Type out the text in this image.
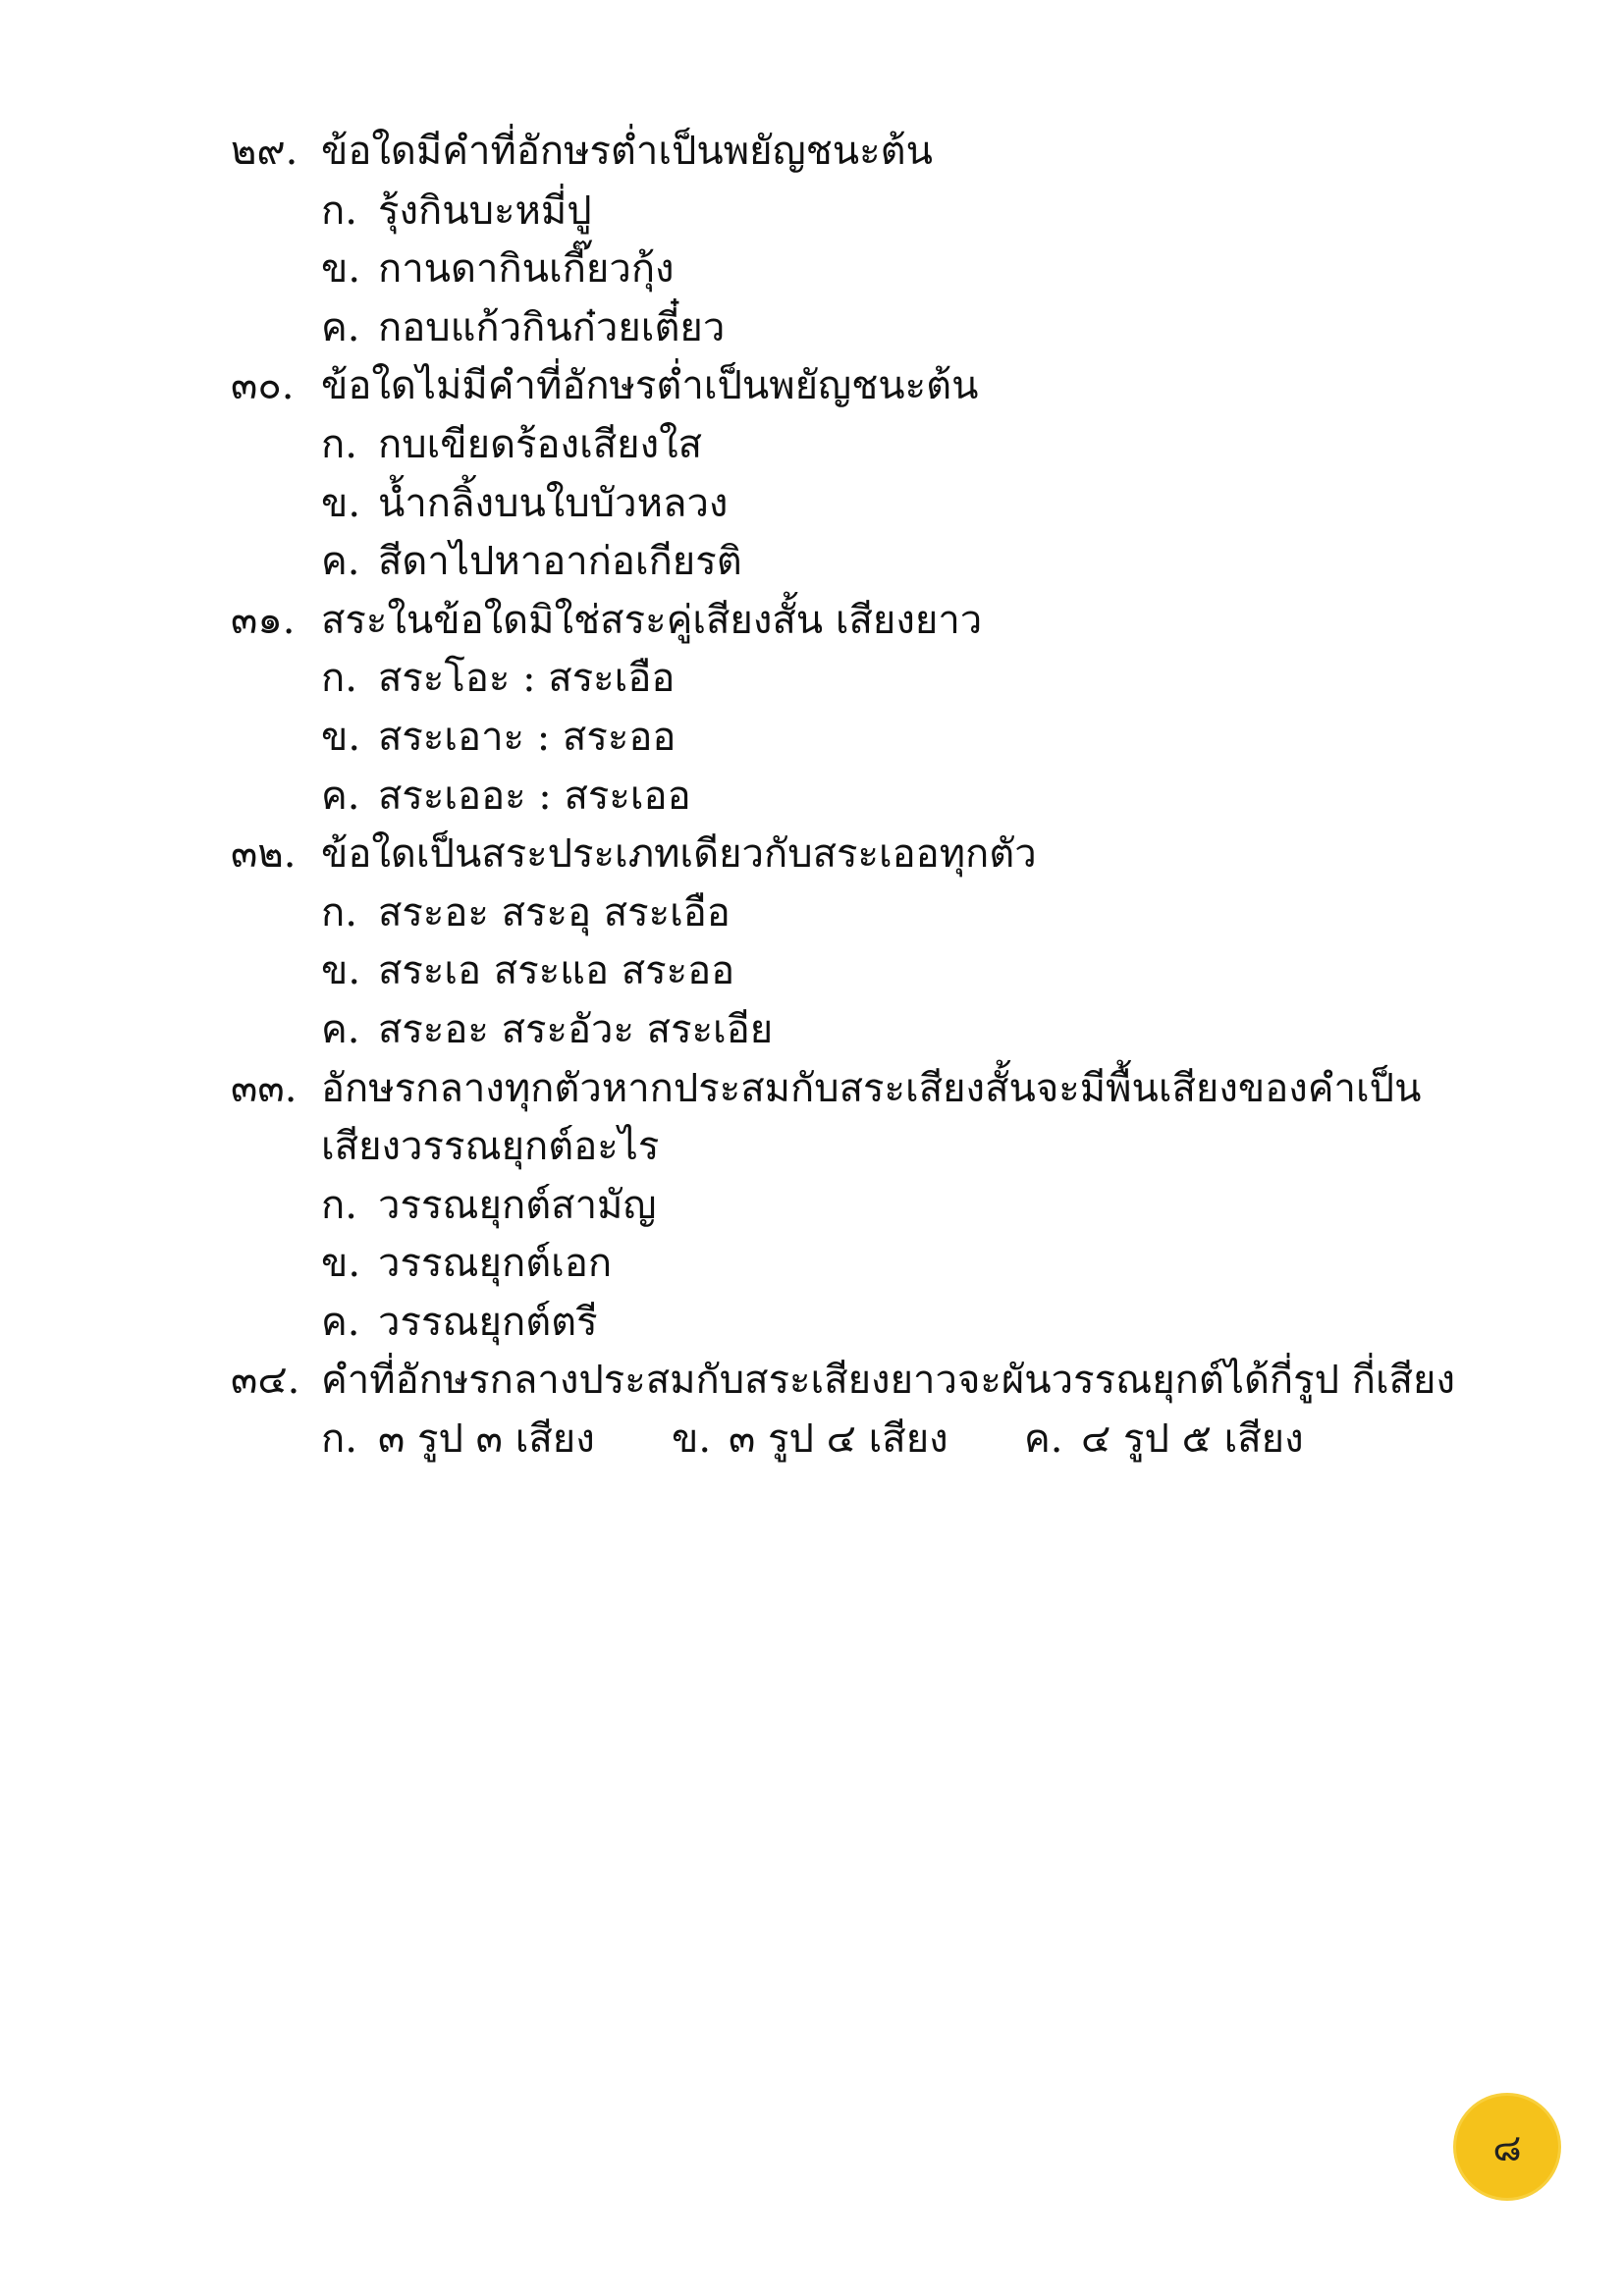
๒๙. ข้อใดมีคำที่อักษรต่ำเป็นพยัญชนะต้น
ก. รุ้งกินบะหมี่ปู
ข. กานดากินเกี๊ยวกุ้ง
ค. กอบแก้วกินก๋วยเตี๋ยว
๓๐. ข้อใดไม่มีคำที่อักษรต่ำเป็นพยัญชนะต้น
ก. กบเขียดร้องเสียงใส
ข. น้ำกลิ้งบนใบบัวหลวง
ค. สีดาไปหาอาก่อเกียรติ
๓๑. สระในข้อใดมิใช่สระคู่เสียงสั้น เสียงยาว
ก. สระโอะ : สระเอือ
ข. สระเอาะ : สระออ
ค. สระเออะ : สระเออ
๓๒. ข้อใดเป็นสระประเภทเดียวกับสระเออทุกตัว
ก. สระอะ สระอุ สระเอือ
ข. สระเอ สระแอ สระออ
ค. สระอะ สระอัวะ สระเอีย
๓๓. อักษรกลางทุกตัวหากประสมกับสระเสียงสั้นจะมีพื้นเสียงของคำเป็น
เสียงวรรณยุกต์อะไร
ก. วรรณยุกต์สามัญ
ข. วรรณยุกต์เอก
ค. วรรณยุกต์ตรี
๓๔. คำที่อักษรกลางประสมกับสระเสียงยาวจะผันวรรณยุกต์ได้กี่รูป กี่เสียง
ก. ๓ รูป ๓ เสียง ข. ๓ รูป ๔ เสียง ค. ๔ รูป ๕ เสียง
๘
